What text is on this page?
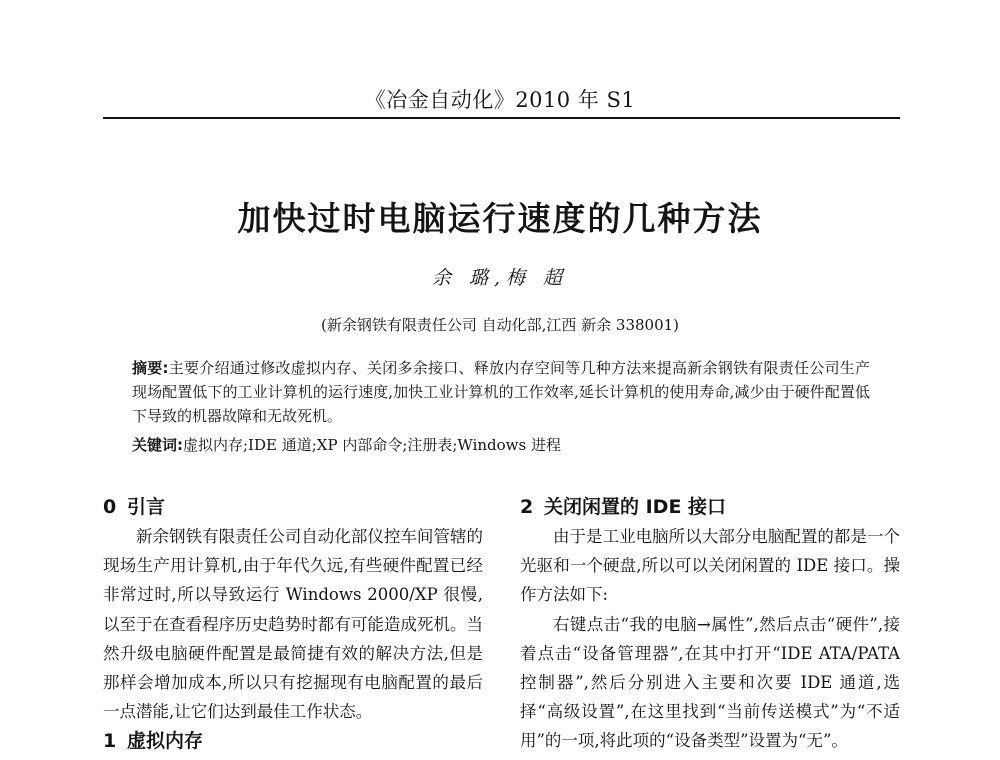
《冶金自动化》2010 年 S1
加快过时电脑运行速度的几种方法
余 璐,梅 超
(新余钢铁有限责任公司 自动化部,江西 新余 338001)
摘要:主要介绍通过修改虚拟内存、关闭多余接口、释放内存空间等几种方法来提高新余钢铁有限责任公司生产现场配置低下的工业计算机的运行速度,加快工业计算机的工作效率,延长计算机的使用寿命,减少由于硬件配置低下导致的机器故障和无故死机。
关键词:虚拟内存;IDE 通道;XP 内部命令;注册表;Windows 进程
0 引言

新余钢铁有限责任公司自动化部仪控车间管辖的现场生产用计算机,由于年代久远,有些硬件配置已经非常过时,所以导致运行 Windows 2000/XP 很慢,以至于在查看程序历史趋势时都有可能造成死机。当然升级电脑硬件配置是最简捷有效的解决方法,但是那样会增加成本,所以只有挖掘现有电脑配置的最后一点潜能,让它们达到最佳工作状态。

1 虚拟内存
2 关闭闲置的 IDE 接口

由于是工业电脑所以大部分电脑配置的都是一个光驱和一个硬盘,所以可以关闭闲置的 IDE 接口。操作方法如下:

右键点击“我的电脑→属性”,然后点击“硬件”,接着点击“设备管理器”,在其中打开“IDE ATA/PATA 控制器”,然后分别进入主要和次要 IDE 通道,选择“高级设置”,在这里找到“当前传送模式”为“不适用”的一项,将此项的“设备类型”设置为“无”。
